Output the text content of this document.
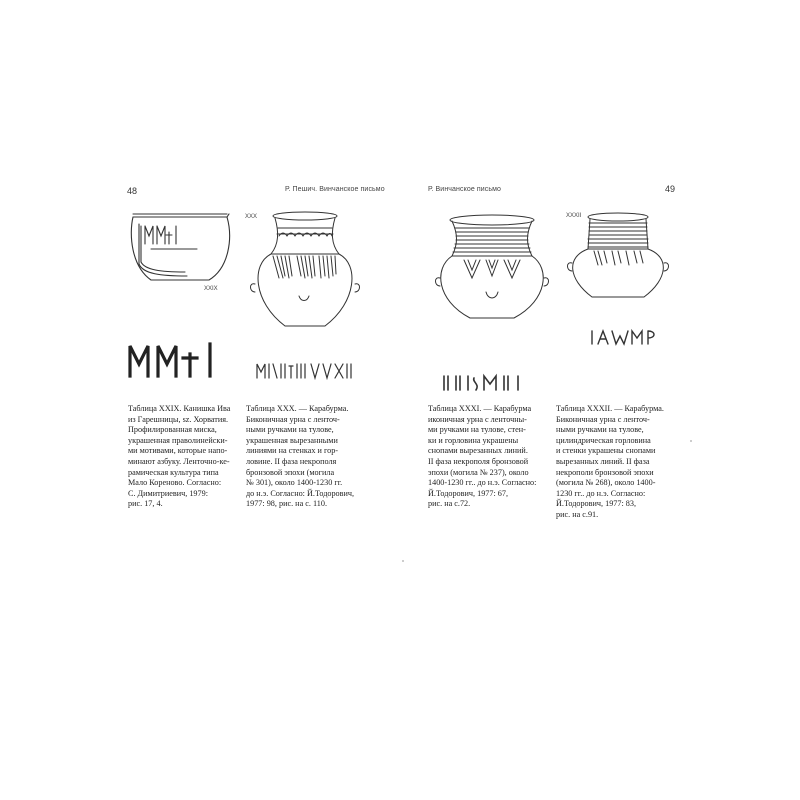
48	Р. Пешич. Винчанское письмо	Р. Винчанское письмо	49
XXIX
XXX	XXXII
Таблица XXIX. Канишка Ива
из Гарешницы, sz. Хорватия.
Профилированная миска,
украшенная праволинейски-
ми мотивами, которые напо-
минают азбуку. Ленточно-ке-
рамическая культура типа
Мало Кореново. Согласно:
С. Димитриевич, 1979:
рис. 17, 4.
Таблица XXX. — Карабурма.
Биконичная урна с ленточ-
ными ручками на тулове,
украшенная вырезанными
линиями на стенках и гор-
ловине. II фаза некрополя
бронзовой эпохи (могила
№ 301), около 1400-1230 гг.
до н.э. Согласно: Й.Тодорович,
1977: 98, рис. на с. 110.
Таблица XXXI. — Карабурма
иконичная урна с ленточны-
ми ручками на тулове, стен-
ки и горловина украшены
снопами вырезанных линий.
II фаза некрополя бронзовой
эпохи (могила № 237), около
1400-1230 гг.. до н.э. Согласно:
Й.Тодорович, 1977: 67,
рис. на с.72.
Таблица XXXII. — Карабурма.
Биконичная урна с ленточ-
ными ручками на тулове,
цилиндрическая горловина
и стенки украшены снопами
вырезанных линий. II фаза
некрополи бронзовой эпохи
(могила № 268), около 1400-
1230 гг.. до н.э. Согласно:
Й.Тодорович, 1977: 83,
рис. на с.91.
